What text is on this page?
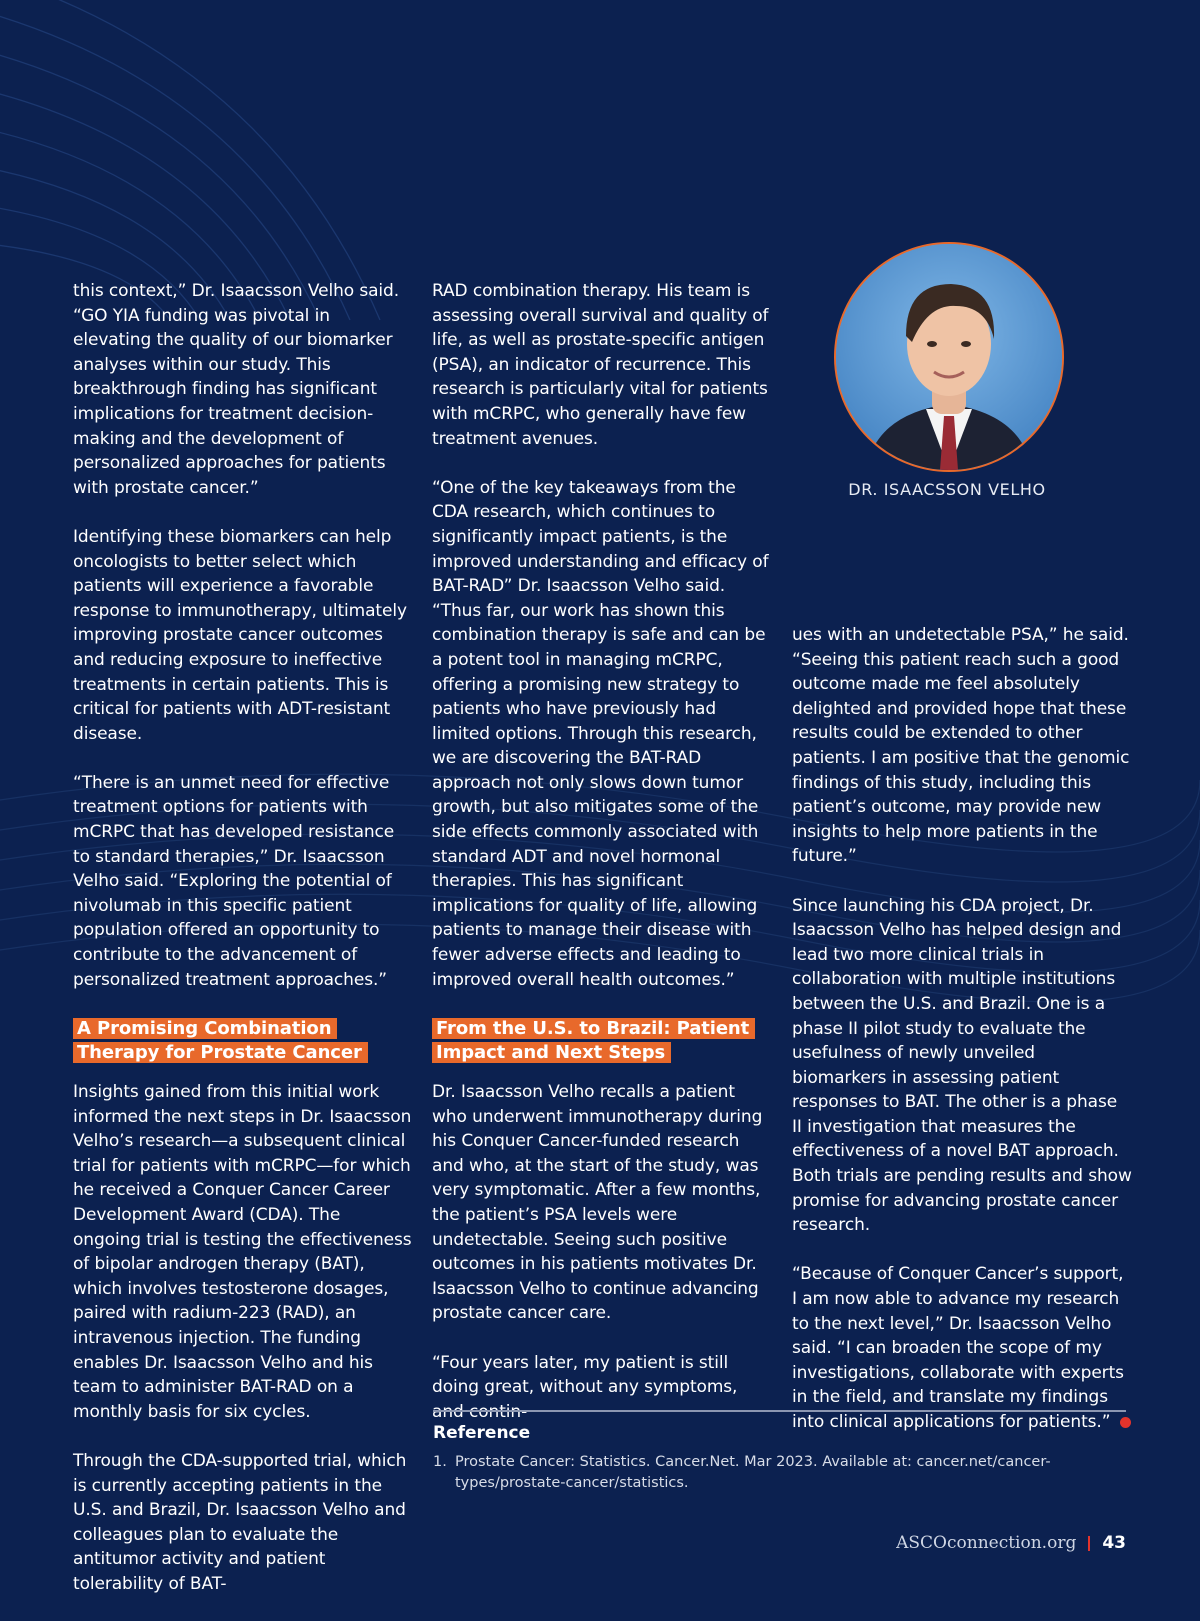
this context,” Dr. Isaacsson Velho said. “GO YIA funding was pivotal in elevating the quality of our biomarker analyses within our study. This breakthrough finding has significant implications for treatment decision-making and the development of personalized approaches for patients with prostate cancer.”

Identifying these biomarkers can help oncologists to better select which patients will experience a favorable response to immunotherapy, ultimately improving prostate cancer outcomes and reducing exposure to ineffective treatments in certain patients. This is critical for patients with ADT-resistant disease.

“There is an unmet need for effective treatment options for patients with mCRPC that has developed resistance to standard therapies,” Dr. Isaacsson Velho said. “Exploring the potential of nivolumab in this specific patient population offered an opportunity to contribute to the advancement of personalized treatment approaches.”

A Promising Combination Therapy for Prostate Cancer

Insights gained from this initial work informed the next steps in Dr. Isaacsson Velho’s research—a subsequent clinical trial for patients with mCRPC—for which he received a Conquer Cancer Career Development Award (CDA). The ongoing trial is testing the effectiveness of bipolar androgen therapy (BAT), which involves testosterone dosages, paired with radium-223 (RAD), an intravenous injection. The funding enables Dr. Isaacsson Velho and his team to administer BAT-RAD on a monthly basis for six cycles.

Through the CDA-supported trial, which is currently accepting patients in the U.S. and Brazil, Dr. Isaacsson Velho and colleagues plan to evaluate the antitumor activity and patient tolerability of BAT-

RAD combination therapy. His team is assessing overall survival and quality of life, as well as prostate-specific antigen (PSA), an indicator of recurrence. This research is particularly vital for patients with mCRPC, who generally have few treatment avenues.

“One of the key takeaways from the CDA research, which continues to significantly impact patients, is the improved understanding and efficacy of BAT-RAD” Dr. Isaacsson Velho said. “Thus far, our work has shown this combination therapy is safe and can be a potent tool in managing mCRPC, offering a promising new strategy to patients who have previously had limited options. Through this research, we are discovering the BAT-RAD approach not only slows down tumor growth, but also mitigates some of the side effects commonly associated with standard ADT and novel hormonal therapies. This has significant implications for quality of life, allowing patients to manage their disease with fewer adverse effects and leading to improved overall health outcomes.”

From the U.S. to Brazil: Patient Impact and Next Steps

Dr. Isaacsson Velho recalls a patient who underwent immunotherapy during his Conquer Cancer-funded research and who, at the start of the study, was very symptomatic. After a few months, the patient’s PSA levels were undetectable. Seeing such positive outcomes in his patients motivates Dr. Isaacsson Velho to continue advancing prostate cancer care.

“Four years later, my patient is still doing great, without any symptoms,

DR. ISAACSSON VELHO

ues with an undetectable PSA,” he said. “Seeing this patient reach such a good outcome made me feel absolutely delighted and provided hope that these results could be extended to other patients. I am positive that the genomic findings of this study, including this patient’s outcome, may provide new insights to help more patients in the future.”

Since launching his CDA project, Dr. Isaacsson Velho has helped design and lead two more clinical trials in collaboration with multiple institutions between the U.S. and Brazil. One is a phase II pilot study to evaluate the usefulness of newly unveiled biomarkers in assessing patient responses to BAT. The other is a phase II investigation that measures the effectiveness of a novel BAT approach. Both trials are pending results and show promise for advancing prostate cancer research.

“Because of Conquer Cancer’s support, I am now able to advance my research to the next level,” Dr. Isaacsson Velho said. “I can broaden the scope of my investigations, collaborate with experts in the field, and translate my findings into clinical applications for patients.”

Reference
1. Prostate Cancer: Statistics. Cancer.Net. Mar 2023. Available at: cancer.net/cancer-types/prostate-cancer/statistics.
ASCOconnection.org 43
